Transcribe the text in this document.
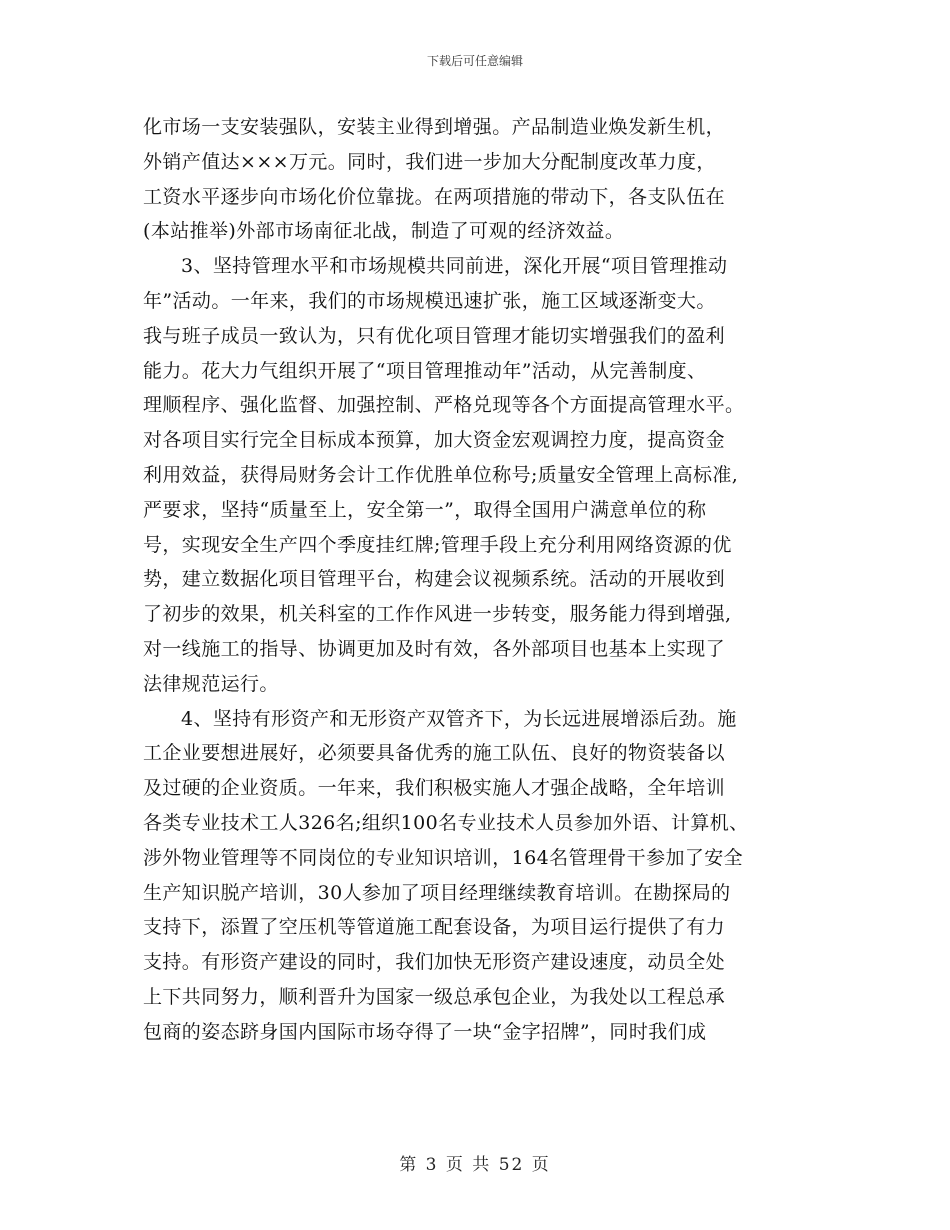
下载后可任意编辑
化市场一支安装强队，安装主业得到增强。产品制造业焕发新生机，
外销产值达×××万元。同时，我们进一步加大分配制度改革力度，
工资水平逐步向市场化价位靠拢。在两项措施的带动下，各支队伍在
(本站推举)外部市场南征北战，制造了可观的经济效益。
3、坚持管理水平和市场规模共同前进，深化开展“项目管理推动
年”活动。一年来，我们的市场规模迅速扩张，施工区域逐渐变大。
我与班子成员一致认为，只有优化项目管理才能切实增强我们的盈利
能力。花大力气组织开展了“项目管理推动年”活动，从完善制度、
理顺程序、强化监督、加强控制、严格兑现等各个方面提高管理水平。
对各项目实行完全目标成本预算，加大资金宏观调控力度，提高资金
利用效益，获得局财务会计工作优胜单位称号;质量安全管理上高标准,
严要求，坚持“质量至上，安全第一”，取得全国用户满意单位的称
号，实现安全生产四个季度挂红牌;管理手段上充分利用网络资源的优
势，建立数据化项目管理平台，构建会议视频系统。活动的开展收到
了初步的效果，机关科室的工作作风进一步转变，服务能力得到增强,
对一线施工的指导、协调更加及时有效，各外部项目也基本上实现了
法律规范运行。
4、坚持有形资产和无形资产双管齐下，为长远进展增添后劲。施
工企业要想进展好，必须要具备优秀的施工队伍、良好的物资装备以
及过硬的企业资质。一年来，我们积极实施人才强企战略，全年培训
各类专业技术工人326名;组织100名专业技术人员参加外语、计算机、
涉外物业管理等不同岗位的专业知识培训，164名管理骨干参加了安全
生产知识脱产培训，30人参加了项目经理继续教育培训。在勘探局的
支持下，添置了空压机等管道施工配套设备，为项目运行提供了有力
支持。有形资产建设的同时，我们加快无形资产建设速度，动员全处
上下共同努力，顺利晋升为国家一级总承包企业，为我处以工程总承
包商的姿态跻身国内国际市场夺得了一块“金字招牌”，同时我们成
第 3 页 共 52 页
